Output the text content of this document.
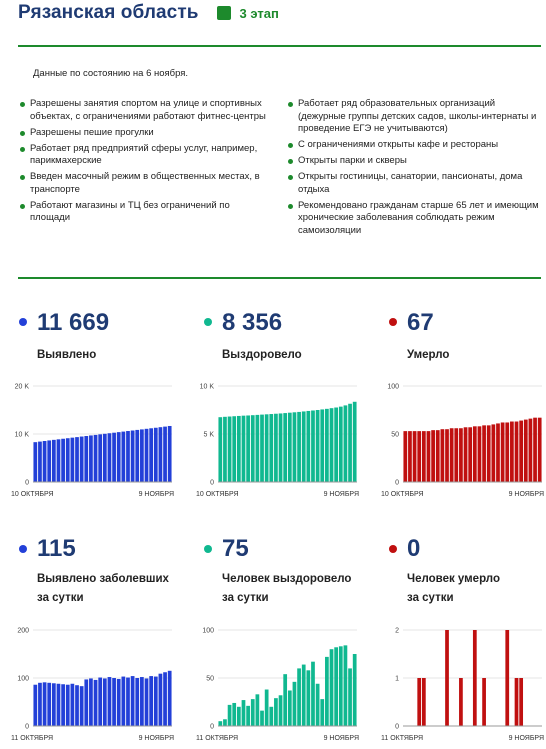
Рязанская область	3 этап
Данные по состоянию на 6 ноября.
Разрешены занятия спортом на улице и спортивных объектах, с ограничениями работают фитнес-центры
Разрешены пешие прогулки
Работает ряд предприятий сферы услуг, например, парикмахерские
Введен масочный режим в общественных местах, в транспорте
Работают магазины и ТЦ без ограничений по площади
Работает ряд образовательных организаций (дежурные группы детских садов, школы-интернаты и проведение ЕГЭ не учитываются)
С ограничениями открыты кафе и рестораны
Открыты парки и скверы
Открыты гостиницы, санатории, пансионаты, дома отдыха
Рекомендовано гражданам старше 65 лет и имеющим хронические заболевания соблюдать режим самоизоляции
11 669
Выявлено
8 356
Выздоровело
67
Умерло
115
Выявлено заболевших
за сутки
75
Человек выздоровело
за сутки
0
Человек умерло
за сутки
0
10 K
20 K
10 ОКТЯБРЯ	9 НОЯБРЯ
0
5 K
10 K
10 ОКТЯБРЯ	9 НОЯБРЯ
0
50
100
10 ОКТЯБРЯ	9 НОЯБРЯ
0
100
200
11 ОКТЯБРЯ	9 НОЯБРЯ
0
50
100
11 ОКТЯБРЯ	9 НОЯБРЯ
0
1
2
11 ОКТЯБРЯ	9 НОЯБРЯ
